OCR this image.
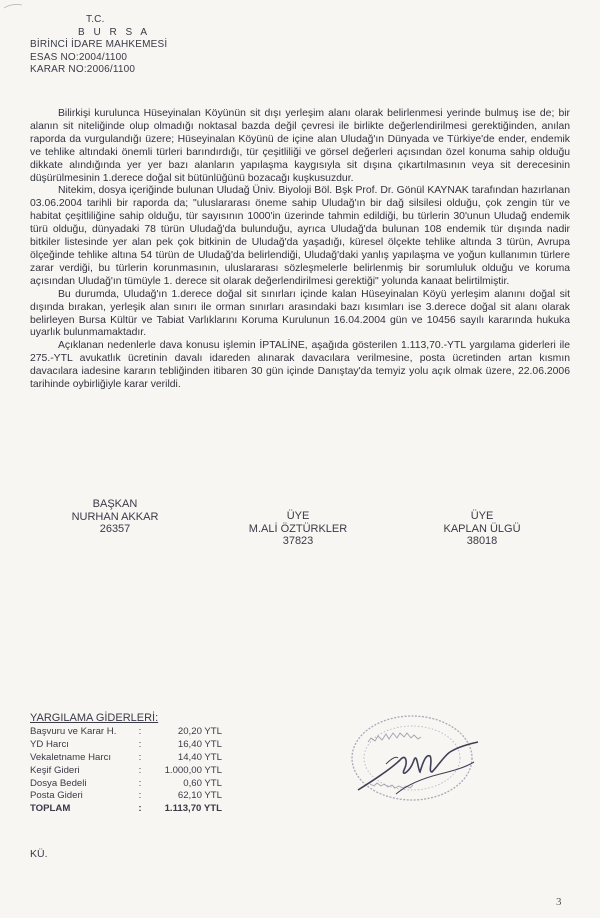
T.C.
B U R S A
BİRİNCİ İDARE MAHKEMESİ
ESAS NO:2004/1100
KARAR NO:2006/1100

Bilirkişi kurulunca Hüseyinalan Köyünün sit dışı yerleşim alanı olarak belirlenmesi yerinde bulmuş ise de; bir alanın sit niteliğinde olup olmadığı noktasal bazda değil çevresi ile birlikte değerlendirilmesi gerektiğinden, anılan raporda da vurgulandığı üzere; Hüseyinalan Köyünü de içine alan Uludağ'ın Dünyada ve Türkiye'de ender, endemik ve tehlike altındaki önemli türleri barındırdığı, tür çeşitliliği ve görsel değerleri açısından özel konuma sahip olduğu dikkate alındığında yer yer bazı alanların yapılaşma kaygısıyla sit dışına çıkartılmasının veya sit derecesinin düşürülmesinin 1.derece doğal sit bütünlüğünü bozacağı kuşkusuzdur.

Nitekim, dosya içeriğinde bulunan Uludağ Üniv. Biyoloji Böl. Bşk Prof. Dr. Gönül KAYNAK tarafından hazırlanan 03.06.2004 tarihli bir raporda da; "uluslararası öneme sahip Uludağ'ın bir dağ silsilesi olduğu, çok zengin tür ve habitat çeşitliliğine sahip olduğu, tür sayısının 1000'in üzerinde tahmin edildiği, bu türlerin 30'unun Uludağ endemik türü olduğu, dünyadaki 78 türün Uludağ'da bulunduğu, ayrıca Uludağ'da bulunan 108 endemik tür dışında nadir bitkiler listesinde yer alan pek çok bitkinin de Uludağ'da yaşadığı, küresel ölçekte tehlike altında 3 türün, Avrupa ölçeğinde tehlike altına 54 türün de Uludağ'da belirlendiği, Uludağ'daki yanlış yapılaşma ve yoğun kullanımın türlere zarar verdiği, bu türlerin korunmasının, uluslararası sözleşmelerle belirlenmiş bir sorumluluk olduğu ve koruma açısından Uludağ'ın tümüyle 1. derece sit olarak değerlendirilmesi gerektiği" yolunda kanaat belirtilmiştir.

Bu durumda, Uludağ'ın 1.derece doğal sit sınırları içinde kalan Hüseyinalan Köyü yerleşim alanını doğal sit dışında bırakan, yerleşik alan sınırı ile orman sınırları arasındaki bazı kısımları ise 3.derece doğal sit alanı olarak belirleyen Bursa Kültür ve Tabiat Varlıklarını Koruma Kurulunun 16.04.2004 gün ve 10456 sayılı kararında hukuka uyarlık bulunmamaktadır.

Açıklanan nedenlerle dava konusu işlemin İPTALİNE, aşağıda gösterilen 1.113,70.-YTL yargılama giderleri ile 275.-YTL avukatlık ücretinin davalı idareden alınarak davacılara verilmesine, posta ücretinden artan kısmın davacılara iadesine kararın tebliğinden itibaren 30 gün içinde Danıştay'da temyiz yolu açık olmak üzere, 22.06.2006 tarihinde oybirliğiyle karar verildi.

BAŞKAN
NURHAN AKKAR
26357
ÜYE
M.ALİ ÖZTÜRKLER
37823
ÜYE
KAPLAN ÜLGÜ
38018
YARGILAMA GİDERLERİ:
Başvuru ve Karar H.	:	20,20 YTL
YD Harcı	:	16,40 YTL
Vekaletname Harcı	:	14,40 YTL
Keşif Gideri	:	1.000,00 YTL
Dosya Bedeli	:	0,60 YTL
Posta Gideri	:	62,10 YTL
TOPLAM	:	1.113,70 YTL
KÜ.
3
